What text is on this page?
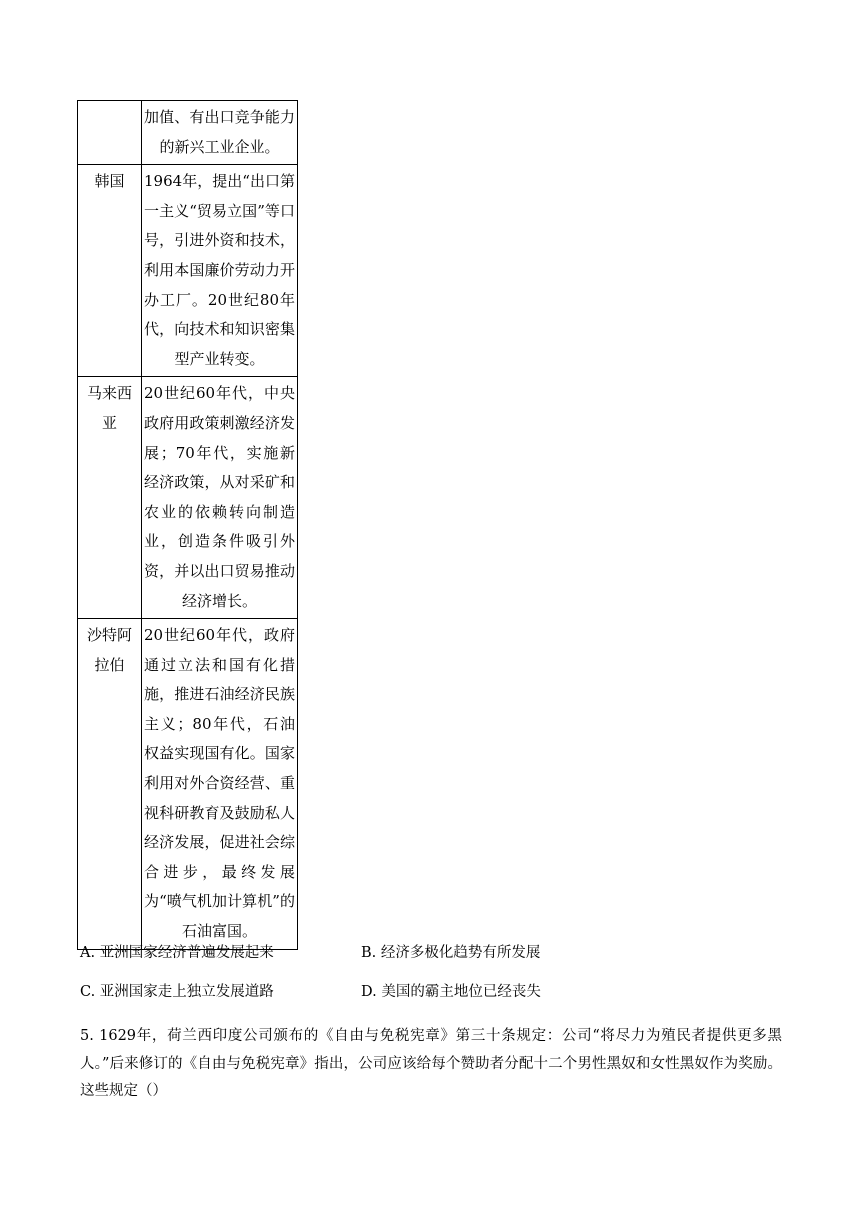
	加值、有出口竞争能力的新兴工业企业。
韩国	1964年，提出“出口第一主义“贸易立国”等口号，引进外资和技术，利用本国廉价劳动力开办工厂。20世纪80年代，向技术和知识密集型产业转变。
马来西亚	20世纪60年代，中央政府用政策刺激经济发展；70年代，实施新经济政策，从对采矿和农业的依赖转向制造业，创造条件吸引外资，并以出口贸易推动经济增长。
沙特阿拉伯	20世纪60年代，政府通过立法和国有化措施，推进石油经济民族主义；80年代，石油权益实现国有化。国家利用对外合资经营、重视科研教育及鼓励私人经济发展，促进社会综合进步，最终发展为“喷气机加计算机”的石油富国。
A. 亚洲国家经济普遍发展起来	B. 经济多极化趋势有所发展
C. 亚洲国家走上独立发展道路	D. 美国的霸主地位已经丧失
5. 1629年，荷兰西印度公司颁布的《自由与免税宪章》第三十条规定：公司“将尽力为殖民者提供更多黑人。”后来修订的《自由与免税宪章》指出，公司应该给每个赞助者分配十二个男性黑奴和女性黑奴作为奖励。这些规定（）
